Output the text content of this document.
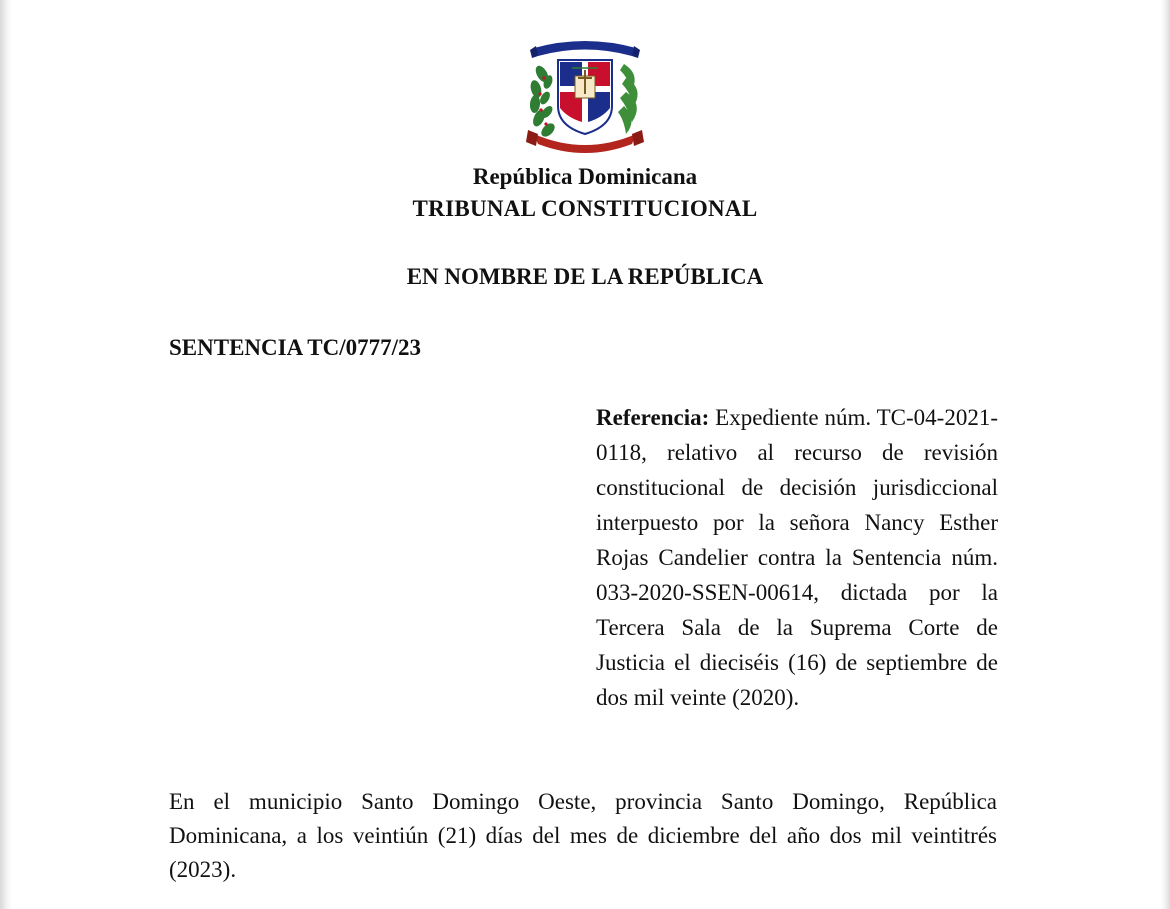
República Dominicana
TRIBUNAL CONSTITUCIONAL
EN NOMBRE DE LA REPÚBLICA
SENTENCIA TC/0777/23
Referencia: Expediente núm. TC-04-2021-0118, relativo al recurso de revisión constitucional de decisión jurisdiccional interpuesto por la señora Nancy Esther Rojas Candelier contra la Sentencia núm. 033-2020-SSEN-00614, dictada por la Tercera Sala de la Suprema Corte de Justicia el dieciséis (16) de septiembre de dos mil veinte (2020).
En el municipio Santo Domingo Oeste, provincia Santo Domingo, República Dominicana, a los veintiún (21) días del mes de diciembre del año dos mil veintitrés (2023).
